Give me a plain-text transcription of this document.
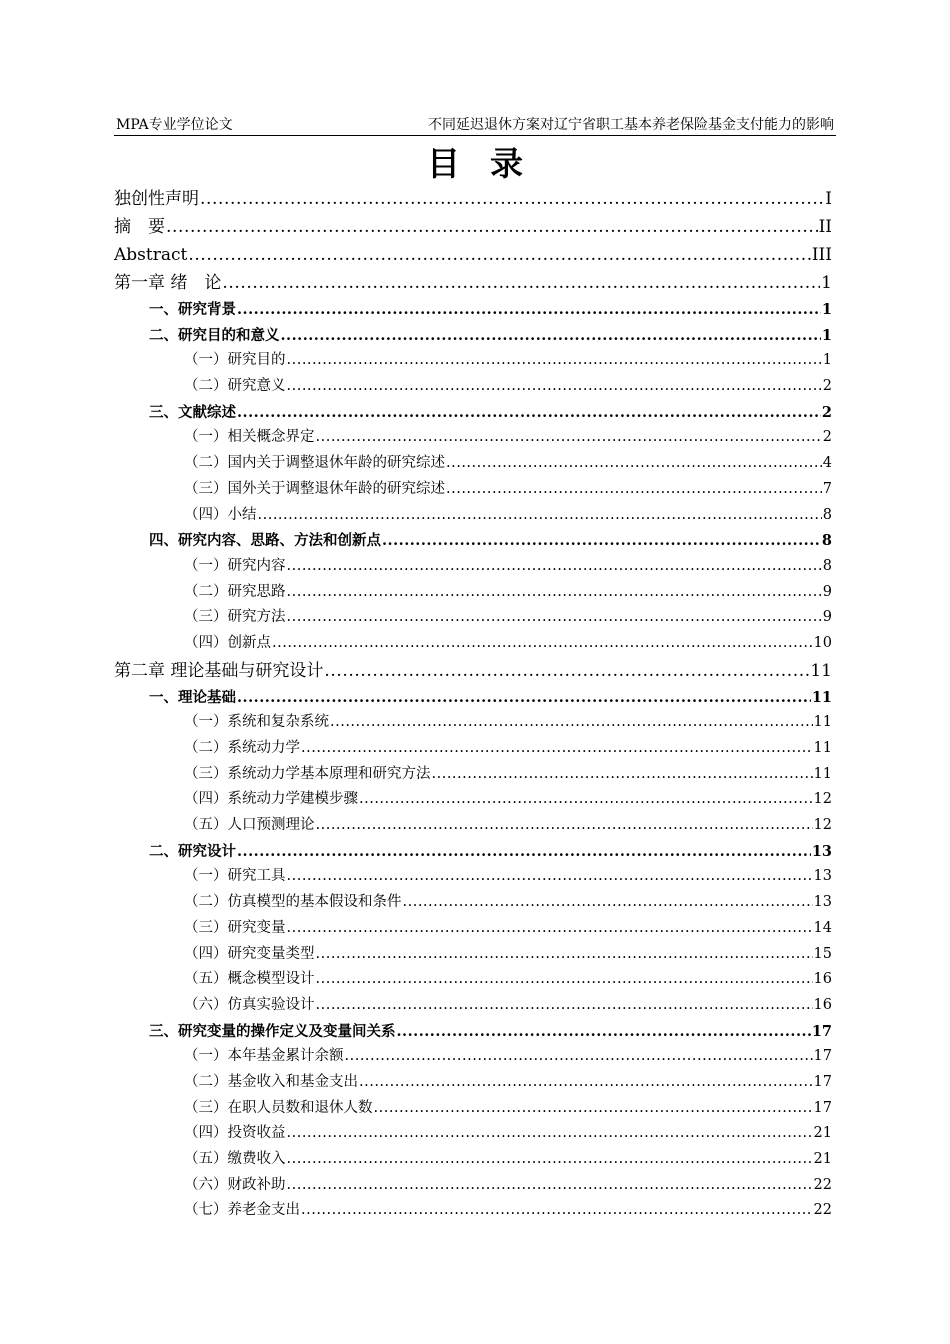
MPA专业学位论文	不同延迟退休方案对辽宁省职工基本养老保险基金支付能力的影响
目录
独创性声明 .....	I
摘　要 .....	II
Abstract .....	III
第一章 绪　论 .....	1
一、研究背景 .....	1
二、研究目的和意义 .....	1
（一）研究目的 .....	1
（二）研究意义 .....	2
三、文献综述 .....	2
（一）相关概念界定 .....	2
（二）国内关于调整退休年龄的研究综述 .....	4
（三）国外关于调整退休年龄的研究综述 .....	7
（四）小结 .....	8
四、研究内容、思路、方法和创新点 .....	8
（一）研究内容 .....	8
（二）研究思路 .....	9
（三）研究方法 .....	9
（四）创新点 .....	10
第二章 理论基础与研究设计 .....	11
一、理论基础 .....	11
（一）系统和复杂系统 .....	11
（二）系统动力学 .....	11
（三）系统动力学基本原理和研究方法 .....	11
（四）系统动力学建模步骤 .....	12
（五）人口预测理论 .....	12
二、研究设计 .....	13
（一）研究工具 .....	13
（二）仿真模型的基本假设和条件 .....	13
（三）研究变量 .....	14
（四）研究变量类型 .....	15
（五）概念模型设计 .....	16
（六）仿真实验设计 .....	16
三、研究变量的操作定义及变量间关系 .....	17
（一）本年基金累计余额 .....	17
（二）基金收入和基金支出 .....	17
（三）在职人员数和退休人数 .....	17
（四）投资收益 .....	21
（五）缴费收入 .....	21
（六）财政补助 .....	22
（七）养老金支出 .....	22
